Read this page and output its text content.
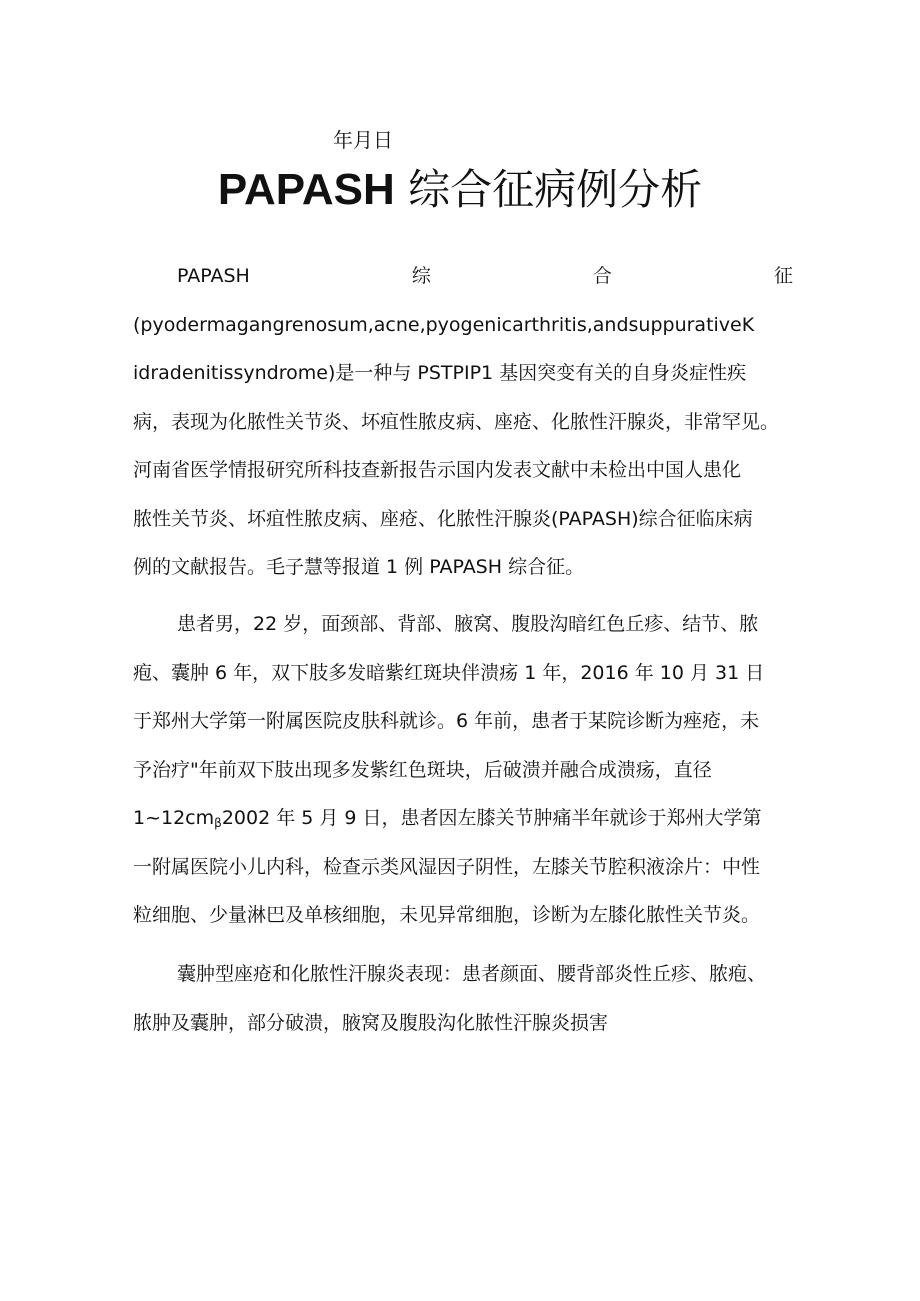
年月日
PAPASH 综合征病例分析
PAPASH	综	合	征
(pyodermagangrenosum,acne,pyogenicarthritis,andsuppurativeK
idradenitissyndrome)是一种与 PSTPIP1 基因突变有关的自身炎症性疾
病，表现为化脓性关节炎、坏疽性脓皮病、座疮、化脓性汗腺炎，非常罕见。
河南省医学情报研究所科技查新报告示国内发表文献中未检出中国人患化
脓性关节炎、坏疽性脓皮病、座疮、化脓性汗腺炎(PAPASH)综合征临床病
例的文献报告。毛子慧等报道 1 例 PAPASH 综合征。
患者男，22 岁，面颈部、背部、腋窝、腹股沟暗红色丘疹、结节、脓
疱、囊肿 6 年，双下肢多发暗紫红斑块伴溃疡 1 年，2016 年 10 月 31 日
于郑州大学第一附属医院皮肤科就诊。6 年前，患者于某院诊断为痤疮，未
予治疗"年前双下肢出现多发紫红色斑块，后破溃并融合成溃疡，直径
$1\sim 12cm_\beta 2002$ 年 5 月 9 日，患者因左膝关节肿痛半年就诊于郑州大学第
一附属医院小儿内科，检查示类风湿因子阴性，左膝关节腔积液涂片：中性
粒细胞、少量淋巴及单核细胞，未见异常细胞，诊断为左膝化脓性关节炎。
囊肿型座疮和化脓性汗腺炎表现：患者颜面、腰背部炎性丘疹、脓疱、
脓肿及囊肿，部分破溃，腋窝及腹股沟化脓性汗腺炎损害
